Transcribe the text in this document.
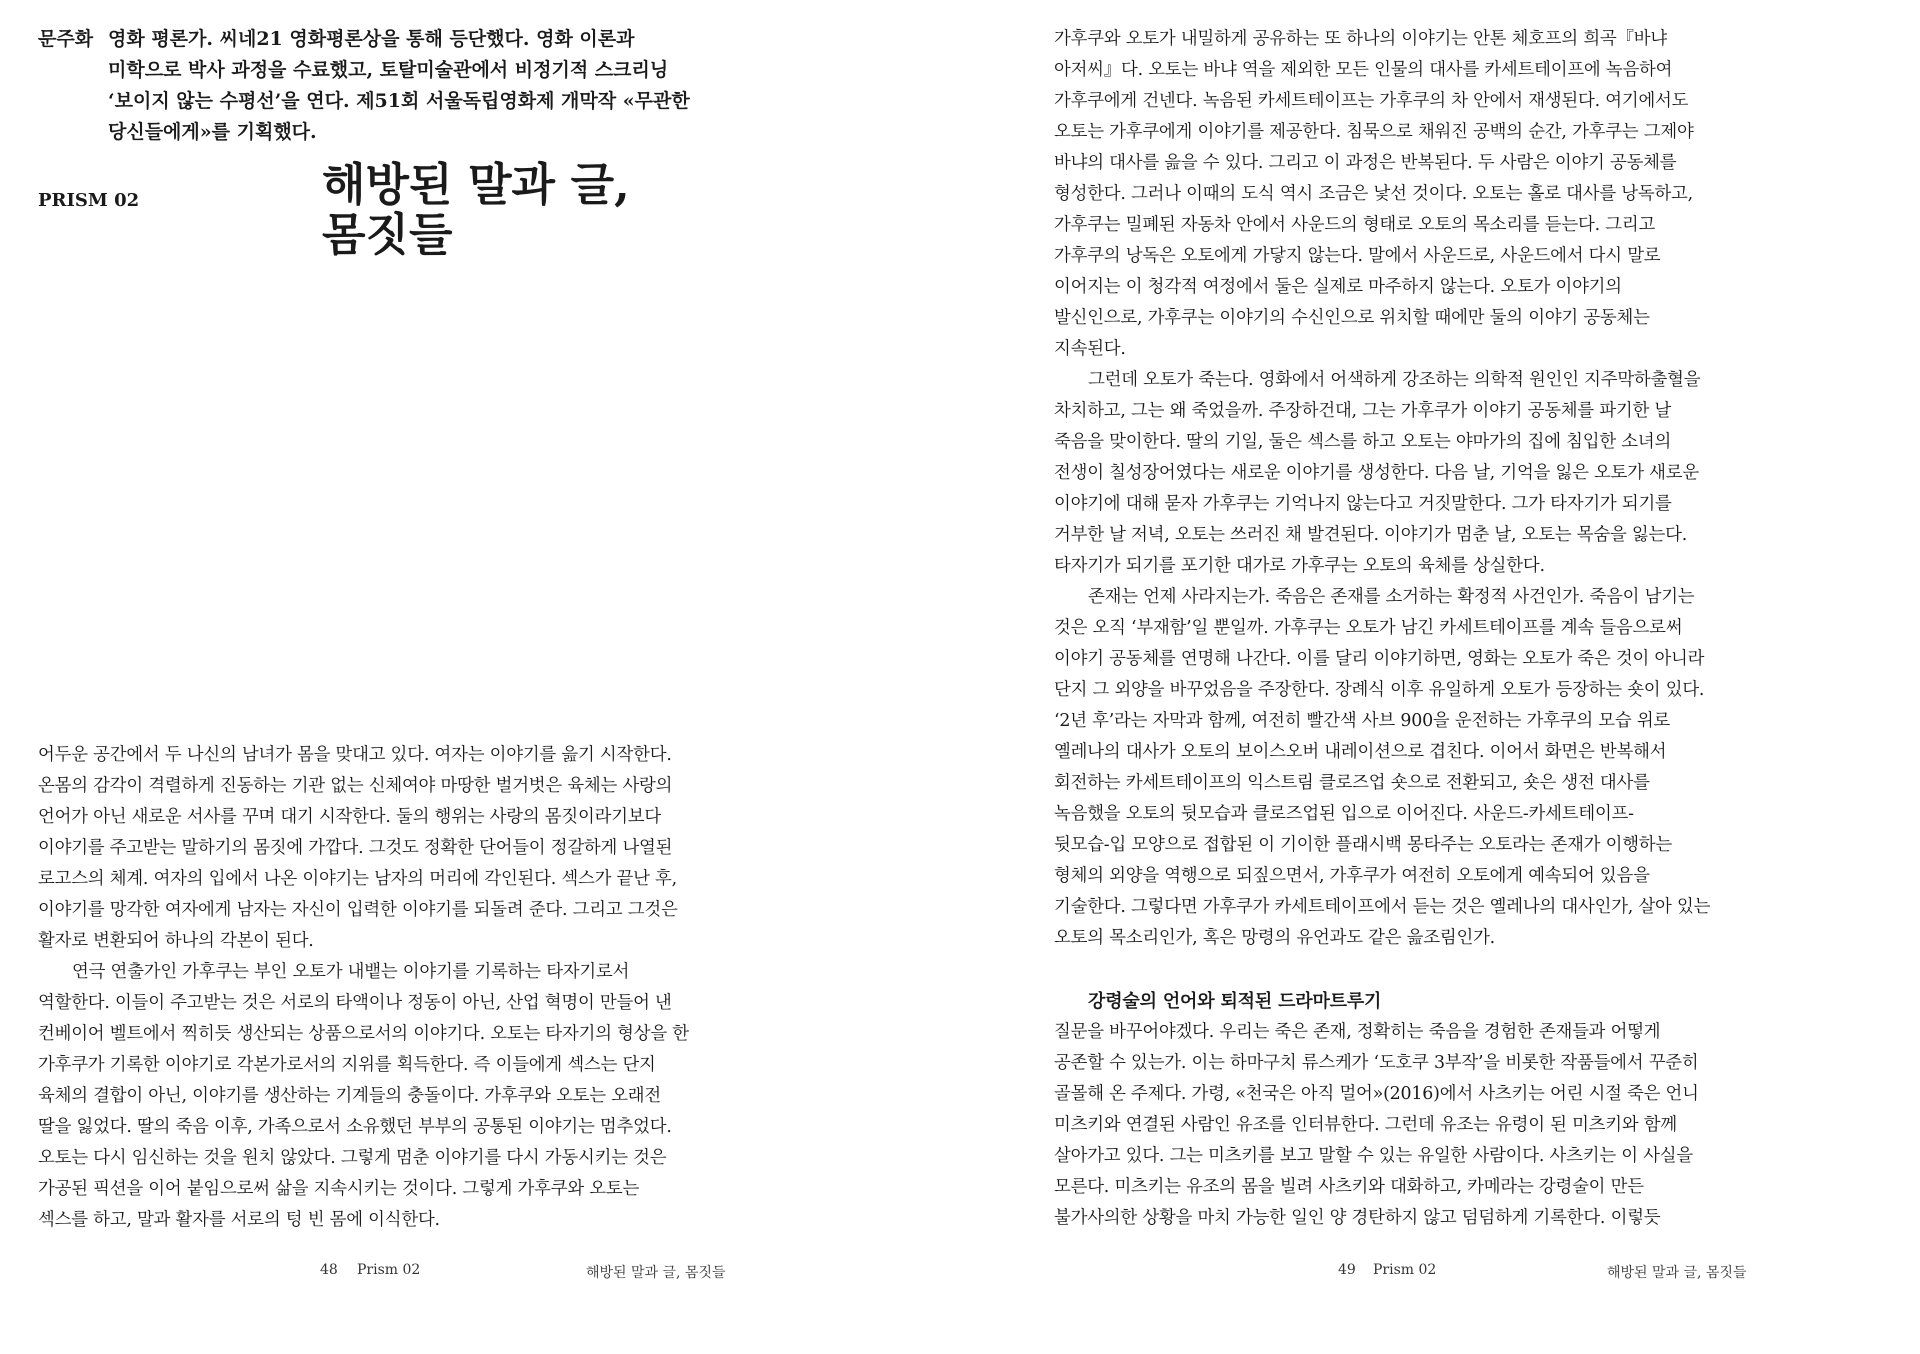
문주화 영화 평론가. 씨네21 영화평론상을 통해 등단했다. 영화 이론과
미학으로 박사 과정을 수료했고, 토탈미술관에서 비정기적 스크리닝
‘보이지 않는 수평선’을 연다. 제51회 서울독립영화제 개막작 «무관한
당신들에게»를 기획했다.
PRISM 02	해방된 말과 글,
몸짓들

어두운 공간에서 두 나신의 남녀가 몸을 맞대고 있다. 여자는 이야기를 읊기 시작한다.

온몸의 감각이 격렬하게 진동하는 기관 없는 신체여야 마땅한 벌거벗은 육체는 사랑의

언어가 아닌 새로운 서사를 꾸며 대기 시작한다. 둘의 행위는 사랑의 몸짓이라기보다

이야기를 주고받는 말하기의 몸짓에 가깝다. 그것도 정확한 단어들이 정갈하게 나열된

로고스의 체계. 여자의 입에서 나온 이야기는 남자의 머리에 각인된다. 섹스가 끝난 후,

이야기를 망각한 여자에게 남자는 자신이 입력한 이야기를 되돌려 준다. 그리고 그것은

활자로 변환되어 하나의 각본이 된다.

연극 연출가인 가후쿠는 부인 오토가 내뱉는 이야기를 기록하는 타자기로서

역할한다. 이들이 주고받는 것은 서로의 타액이나 정동이 아닌, 산업 혁명이 만들어 낸

컨베이어 벨트에서 찍히듯 생산되는 상품으로서의 이야기다. 오토는 타자기의 형상을 한

가후쿠가 기록한 이야기로 각본가로서의 지위를 획득한다. 즉 이들에게 섹스는 단지

육체의 결합이 아닌, 이야기를 생산하는 기계들의 충돌이다. 가후쿠와 오토는 오래전

딸을 잃었다. 딸의 죽음 이후, 가족으로서 소유했던 부부의 공통된 이야기는 멈추었다.

오토는 다시 임신하는 것을 원치 않았다. 그렇게 멈춘 이야기를 다시 가동시키는 것은

가공된 픽션을 이어 붙임으로써 삶을 지속시키는 것이다. 그렇게 가후쿠와 오토는

섹스를 하고, 말과 활자를 서로의 텅 빈 몸에 이식한다.

48 Prism 02	해방된 말과 글, 몸짓들

가후쿠와 오토가 내밀하게 공유하는 또 하나의 이야기는 안톤 체호프의 희곡『바냐

아저씨』다. 오토는 바냐 역을 제외한 모든 인물의 대사를 카세트테이프에 녹음하여

가후쿠에게 건넨다. 녹음된 카세트테이프는 가후쿠의 차 안에서 재생된다. 여기에서도

오토는 가후쿠에게 이야기를 제공한다. 침묵으로 채워진 공백의 순간, 가후쿠는 그제야

바냐의 대사를 읊을 수 있다. 그리고 이 과정은 반복된다. 두 사람은 이야기 공동체를

형성한다. 그러나 이때의 도식 역시 조금은 낯선 것이다. 오토는 홀로 대사를 낭독하고,

가후쿠는 밀폐된 자동차 안에서 사운드의 형태로 오토의 목소리를 듣는다. 그리고

가후쿠의 낭독은 오토에게 가닿지 않는다. 말에서 사운드로, 사운드에서 다시 말로

이어지는 이 청각적 여정에서 둘은 실제로 마주하지 않는다. 오토가 이야기의

발신인으로, 가후쿠는 이야기의 수신인으로 위치할 때에만 둘의 이야기 공동체는

지속된다.

그런데 오토가 죽는다. 영화에서 어색하게 강조하는 의학적 원인인 지주막하출혈을

차치하고, 그는 왜 죽었을까. 주장하건대, 그는 가후쿠가 이야기 공동체를 파기한 날

죽음을 맞이한다. 딸의 기일, 둘은 섹스를 하고 오토는 야마가의 집에 침입한 소녀의

전생이 칠성장어였다는 새로운 이야기를 생성한다. 다음 날, 기억을 잃은 오토가 새로운

이야기에 대해 묻자 가후쿠는 기억나지 않는다고 거짓말한다. 그가 타자기가 되기를

거부한 날 저녁, 오토는 쓰러진 채 발견된다. 이야기가 멈춘 날, 오토는 목숨을 잃는다.

타자기가 되기를 포기한 대가로 가후쿠는 오토의 육체를 상실한다.

존재는 언제 사라지는가. 죽음은 존재를 소거하는 확정적 사건인가. 죽음이 남기는

것은 오직 ‘부재함’일 뿐일까. 가후쿠는 오토가 남긴 카세트테이프를 계속 들음으로써

이야기 공동체를 연명해 나간다. 이를 달리 이야기하면, 영화는 오토가 죽은 것이 아니라

단지 그 외양을 바꾸었음을 주장한다. 장례식 이후 유일하게 오토가 등장하는 숏이 있다.

‘2년 후’라는 자막과 함께, 여전히 빨간색 사브 900을 운전하는 가후쿠의 모습 위로

옐레나의 대사가 오토의 보이스오버 내레이션으로 겹친다. 이어서 화면은 반복해서

회전하는 카세트테이프의 익스트림 클로즈업 숏으로 전환되고, 숏은 생전 대사를

녹음했을 오토의 뒷모습과 클로즈업된 입으로 이어진다. 사운드-카세트테이프-

뒷모습-입 모양으로 접합된 이 기이한 플래시백 몽타주는 오토라는 존재가 이행하는

형체의 외양을 역행으로 되짚으면서, 가후쿠가 여전히 오토에게 예속되어 있음을

기술한다. 그렇다면 가후쿠가 카세트테이프에서 듣는 것은 옐레나의 대사인가, 살아 있는

오토의 목소리인가, 혹은 망령의 유언과도 같은 읊조림인가.

강령술의 언어와 퇴적된 드라마트루기

질문을 바꾸어야겠다. 우리는 죽은 존재, 정확히는 죽음을 경험한 존재들과 어떻게

공존할 수 있는가. 이는 하마구치 류스케가 ‘도호쿠 3부작’을 비롯한 작품들에서 꾸준히

골몰해 온 주제다. 가령, «천국은 아직 멀어»(2016)에서 사츠키는 어린 시절 죽은 언니

미츠키와 연결된 사람인 유조를 인터뷰한다. 그런데 유조는 유령이 된 미츠키와 함께

살아가고 있다. 그는 미츠키를 보고 말할 수 있는 유일한 사람이다. 사츠키는 이 사실을

모른다. 미츠키는 유조의 몸을 빌려 사츠키와 대화하고, 카메라는 강령술이 만든

불가사의한 상황을 마치 가능한 일인 양 경탄하지 않고 덤덤하게 기록한다. 이렇듯

49 Prism 02	해방된 말과 글, 몸짓들
